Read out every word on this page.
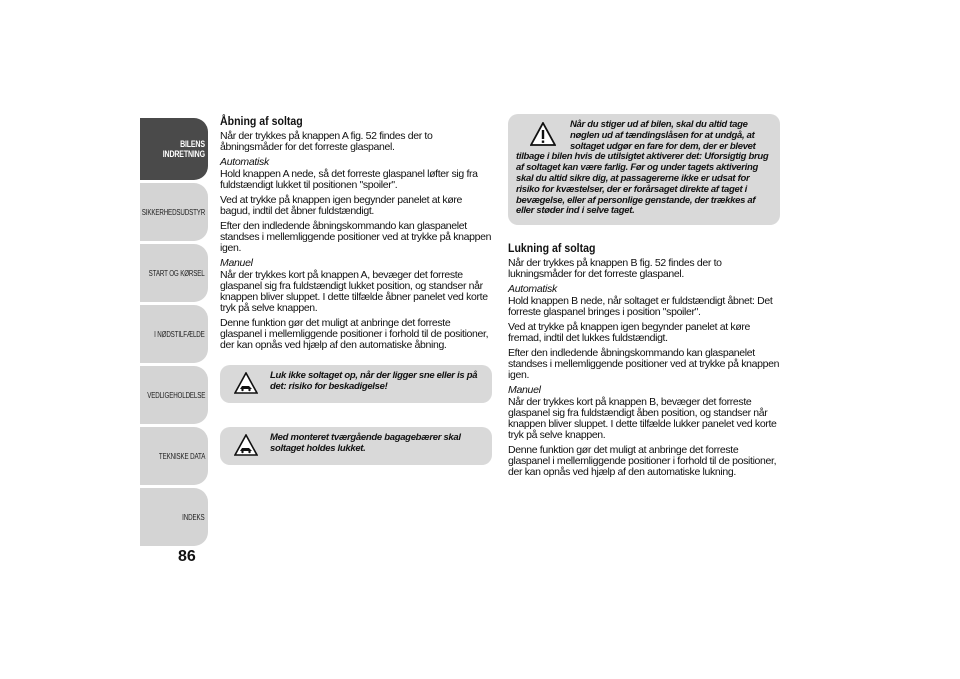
BILENS
INDRETNING
SIKKERHEDSUDSTYR
START OG KØRSEL
I NØDSTILFÆLDE
VEDLIGEHOLDELSE
TEKNISKE DATA
INDEKS
86
Åbning af soltag

Når der trykkes på knappen A fig. 52 findes der to åbningsmåder for det forreste glaspanel.

Automatisk

Hold knappen A nede, så det forreste glaspanel løfter sig fra fuldstændigt lukket til positionen "spoiler".

Ved at trykke på knappen igen begynder panelet at køre bagud, indtil det åbner fuldstændigt.

Efter den indledende åbningskommando kan glaspanelet standses i mellemliggende positioner ved at trykke på knappen igen.

Manuel

Når der trykkes kort på knappen A, bevæger det forreste glaspanel sig fra fuldstændigt lukket position, og standser når knappen bliver sluppet. I dette tilfælde åbner panelet ved korte tryk på selve knappen.

Denne funktion gør det muligt at anbringe det forreste glaspanel i mellemliggende positioner i forhold til de positioner, der kan opnås ved hjælp af den automatiske åbning.

Luk ikke soltaget op, når der ligger sne eller is på det: risiko for beskadigelse!
Med monteret tværgående bagagebærer skal soltaget holdes lukket.
Når du stiger ud af bilen, skal du altid tage nøglen ud af tændingslåsen for at undgå, at soltaget udgør en fare for dem, der er blevet tilbage i bilen hvis de utilsigtet aktiverer det: Uforsigtig brug af soltaget kan være farlig. Før og under tagets aktivering skal du altid sikre dig, at passagererne ikke er udsat for risiko for kvæstelser, der er forårsaget direkte af taget i bevægelse, eller af personlige genstande, der trækkes af eller støder ind i selve taget.
Lukning af soltag

Når der trykkes på knappen B fig. 52 findes der to lukningsmåder for det forreste glaspanel.

Automatisk

Hold knappen B nede, når soltaget er fuldstændigt åbnet: Det forreste glaspanel bringes i position "spoiler".

Ved at trykke på knappen igen begynder panelet at køre fremad, indtil det lukkes fuldstændigt.

Efter den indledende åbningskommando kan glaspanelet standses i mellemliggende positioner ved at trykke på knappen igen.

Manuel

Når der trykkes kort på knappen B, bevæger det forreste glaspanel sig fra fuldstændigt åben position, og standser når knappen bliver sluppet. I dette tilfælde lukker panelet ved korte tryk på selve knappen.

Denne funktion gør det muligt at anbringe det forreste glaspanel i mellemliggende positioner i forhold til de positioner, der kan opnås ved hjælp af den automatiske lukning.
